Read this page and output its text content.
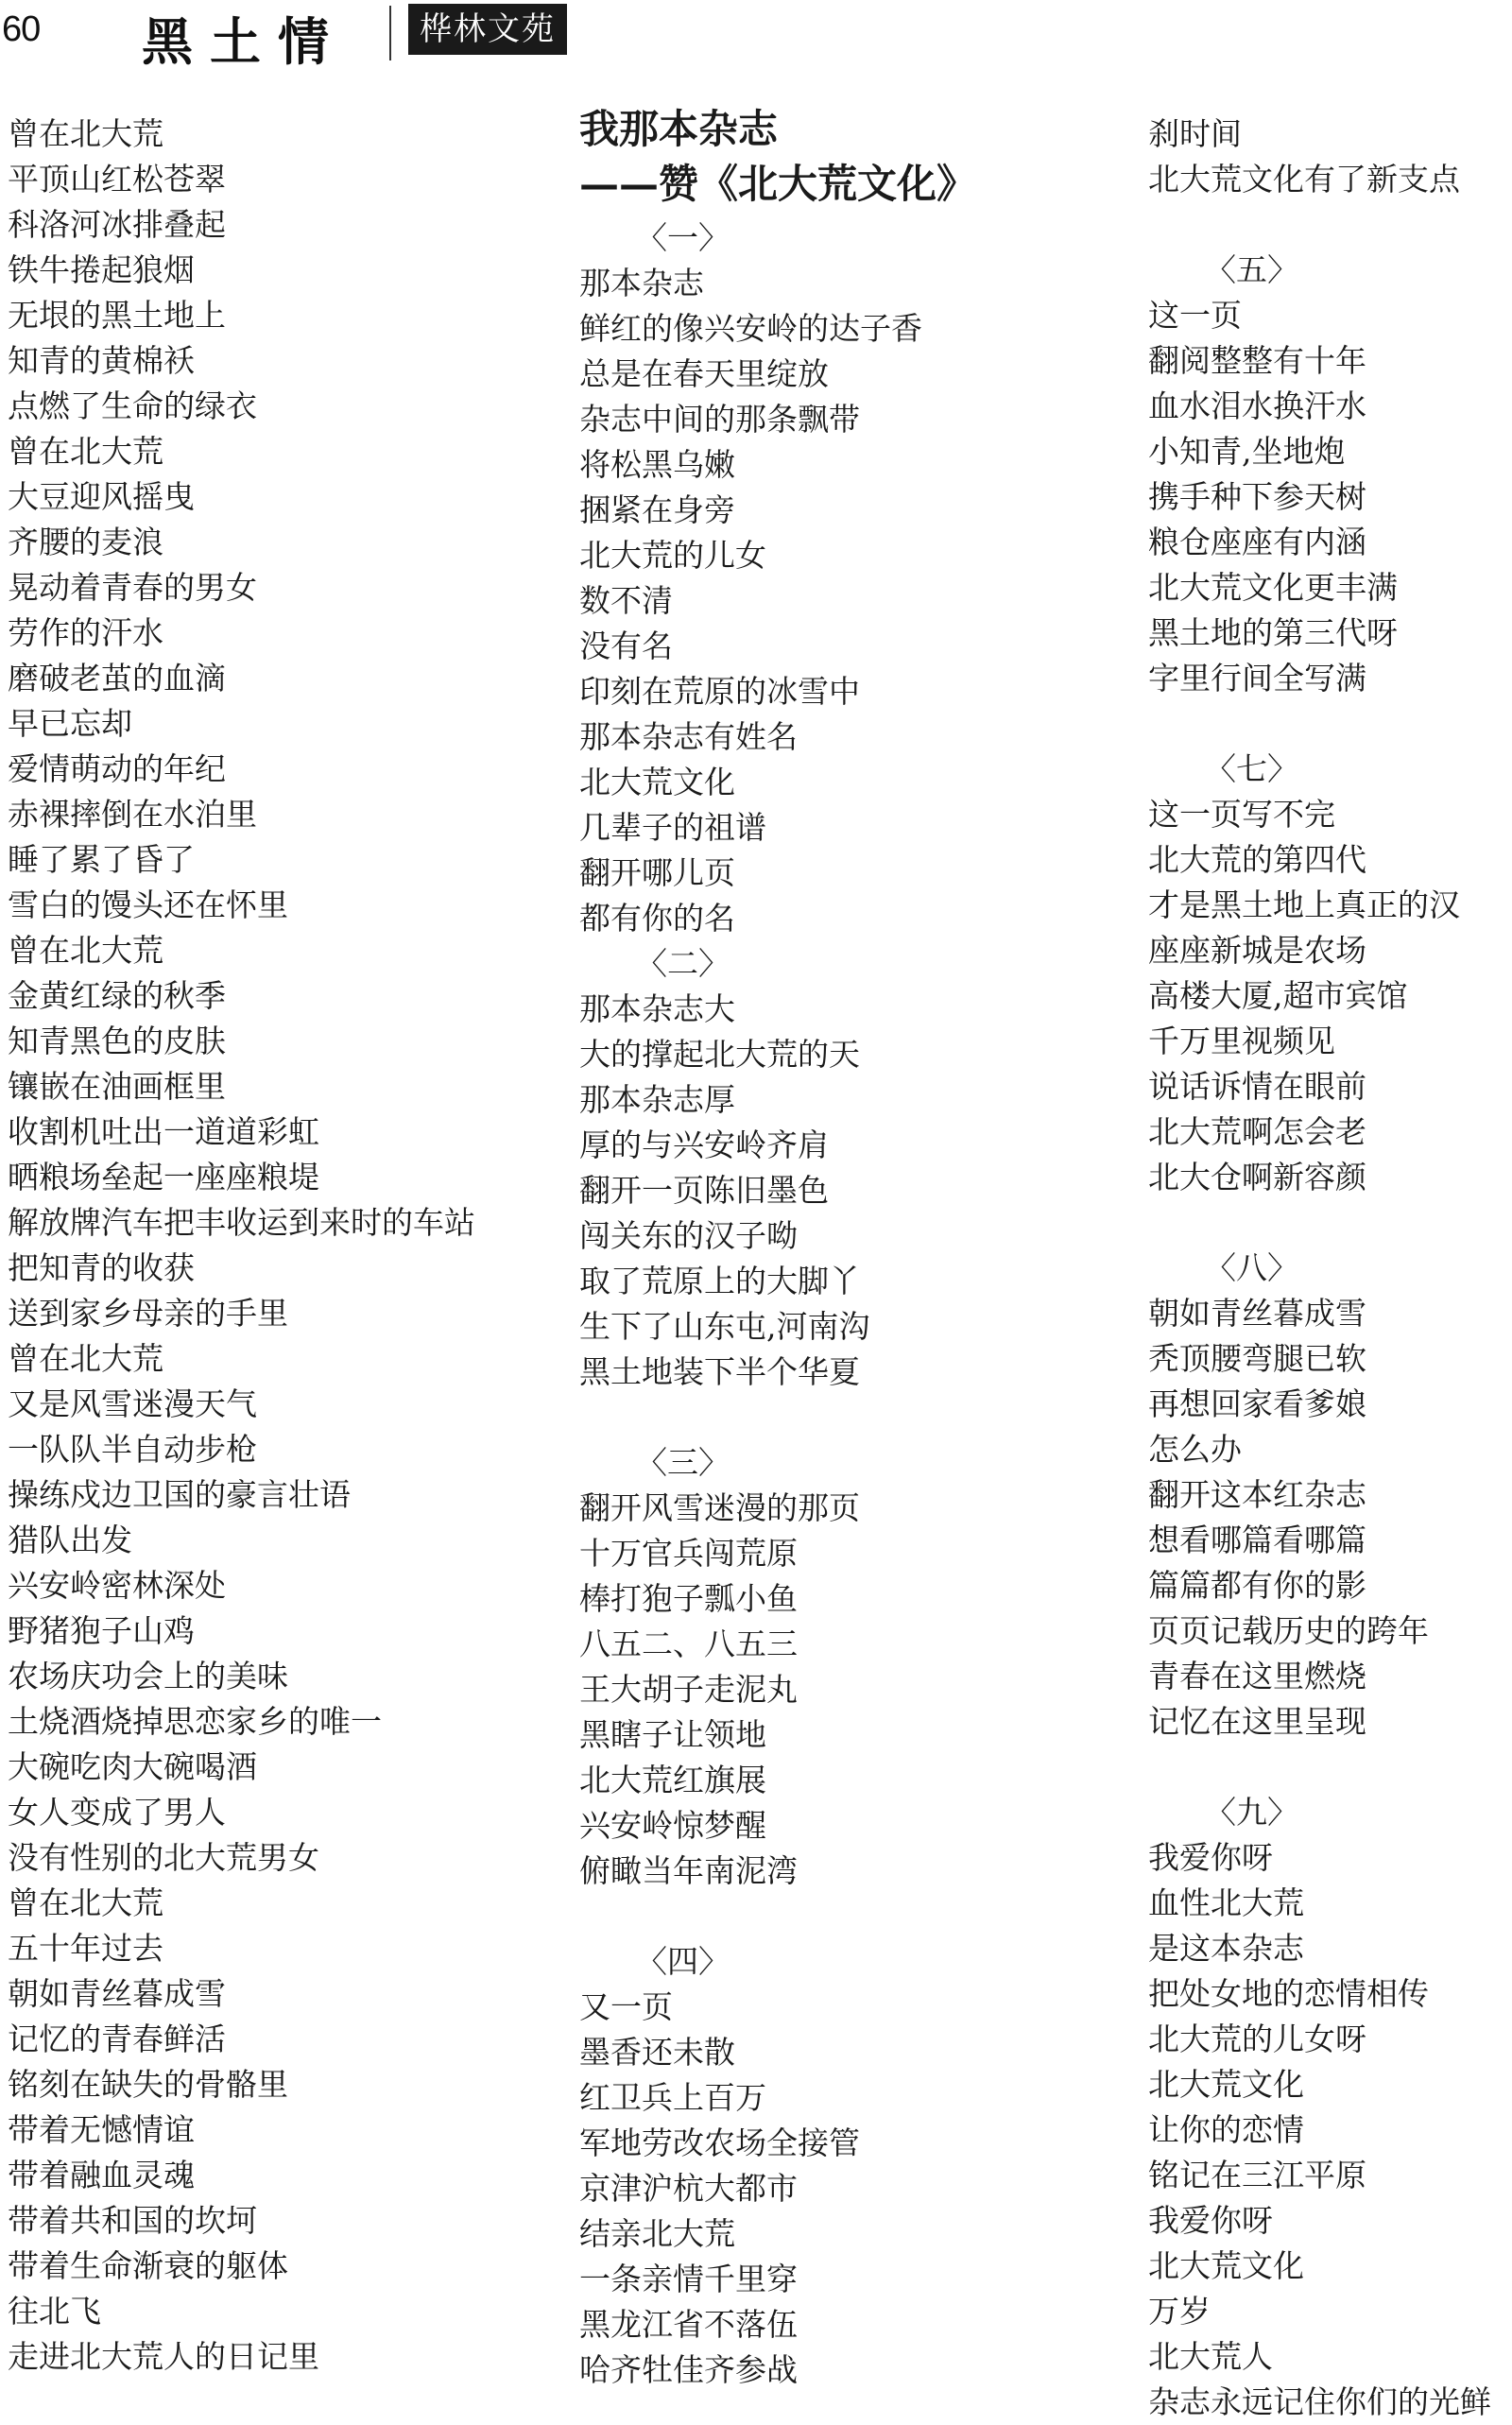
60 黑土情	桦林文苑
曾在北大荒
平顶山红松苍翠
科洛河冰排叠起
铁牛捲起狼烟
无垠的黑土地上
知青的黄棉袄
点燃了生命的绿衣
曾在北大荒
大豆迎风摇曳
齐腰的麦浪
晃动着青春的男女
劳作的汗水
磨破老茧的血滴
早已忘却
爱情萌动的年纪
赤裸摔倒在水泊里
睡了累了昏了
雪白的馒头还在怀里
曾在北大荒
金黄红绿的秋季
知青黑色的皮肤
镶嵌在油画框里
收割机吐出一道道彩虹
晒粮场垒起一座座粮堤
解放牌汽车把丰收运到来时的车站
把知青的收获
送到家乡母亲的手里
曾在北大荒
又是风雪迷漫天气
一队队半自动步枪
操练戍边卫国的豪言壮语
猎队出发
兴安岭密林深处
野猪狍子山鸡
农场庆功会上的美味
土烧酒烧掉思恋家乡的唯一
大碗吃肉大碗喝酒
女人变成了男人
没有性别的北大荒男女
曾在北大荒
五十年过去
朝如青丝暮成雪
记忆的青春鲜活
铭刻在缺失的骨骼里
带着无憾情谊
带着融血灵魂
带着共和国的坎坷
带着生命渐衰的躯体
往北飞
走进北大荒人的日记里
我那本杂志
——赞《北大荒文化》
〈一〉
那本杂志
鲜红的像兴安岭的达子香
总是在春天里绽放
杂志中间的那条飘带
将松黑乌嫩
捆紧在身旁
北大荒的儿女
数不清
没有名
印刻在荒原的冰雪中
那本杂志有姓名
北大荒文化
几辈子的祖谱
翻开哪儿页
都有你的名
〈二〉
那本杂志大
大的撑起北大荒的天
那本杂志厚
厚的与兴安岭齐肩
翻开一页陈旧墨色
闯关东的汉子呦
取了荒原上的大脚丫
生下了山东屯,河南沟
黑土地装下半个华夏
〈三〉
翻开风雪迷漫的那页
十万官兵闯荒原
棒打狍子瓢小鱼
八五二、八五三
王大胡子走泥丸
黑瞎子让领地
北大荒红旗展
兴安岭惊梦醒
俯瞰当年南泥湾
〈四〉
又一页
墨香还未散
红卫兵上百万
军地劳改农场全接管
京津沪杭大都市
结亲北大荒
一条亲情千里穿
黑龙江省不落伍
哈齐牡佳齐参战
刹时间
北大荒文化有了新支点
〈五〉
这一页
翻阅整整有十年
血水泪水换汗水
小知青,坐地炮
携手种下参天树
粮仓座座有内涵
北大荒文化更丰满
黑土地的第三代呀
字里行间全写满
〈七〉
这一页写不完
北大荒的第四代
才是黑土地上真正的汉
座座新城是农场
高楼大厦,超市宾馆
千万里视频见
说话诉情在眼前
北大荒啊怎会老
北大仓啊新容颜
〈八〉
朝如青丝暮成雪
秃顶腰弯腿已软
再想回家看爹娘
怎么办
翻开这本红杂志
想看哪篇看哪篇
篇篇都有你的影
页页记载历史的跨年
青春在这里燃烧
记忆在这里呈现
〈九〉
我爱你呀
血性北大荒
是这本杂志
把处女地的恋情相传
北大荒的儿女呀
北大荒文化
让你的恋情
铭记在三江平原
我爱你呀
北大荒文化
万岁
北大荒人
杂志永远记住你们的光鲜
